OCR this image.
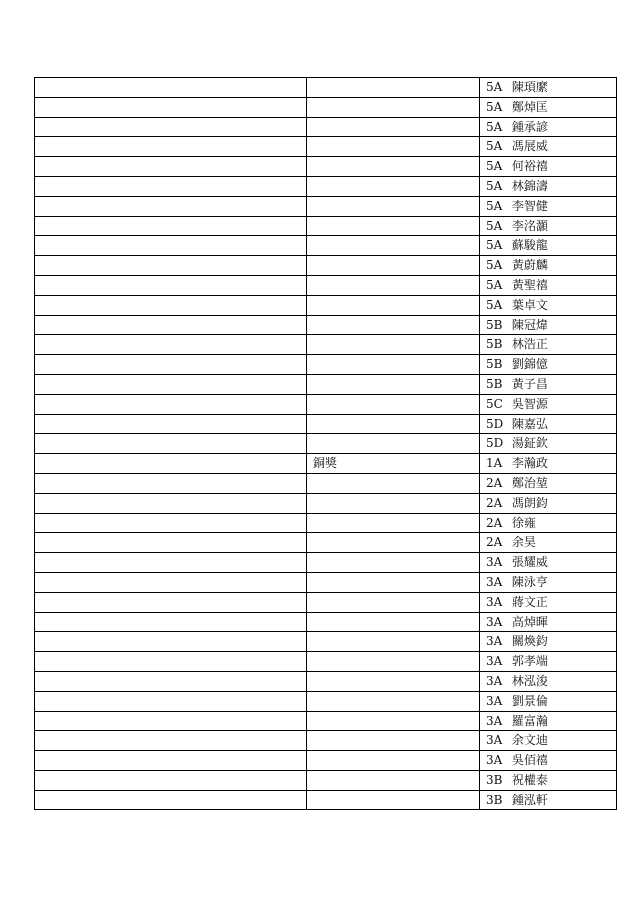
		5A 陳頊縻
		5A 鄭焯匡
		5A 鍾承諺
		5A 馮展威
		5A 何裕禧
		5A 林錦濤
		5A 李智健
		5A 李洺灝
		5A 蘇駿龍
		5A 黃蔚麟
		5A 黃聖禧
		5A 葉卓文
		5B 陳冠煒
		5B 林浩正
		5B 劉錦億
		5B 黃子昌
		5C 吳智源
		5D 陳嘉弘
		5D 湯鉦欽
	銅獎	1A 李瀚政
		2A 鄭治堃
		2A 馮朗鈞
		2A 徐雍
		2A 余昊
		3A 張耀威
		3A 陳泳亨
		3A 蔣文正
		3A 高焯暉
		3A 關煥鈞
		3A 郭孝端
		3A 林泓浚
		3A 劉景倫
		3A 羅富瀚
		3A 余文迪
		3A 吳佰禧
		3B 祝權泰
		3B 鍾泓軒
